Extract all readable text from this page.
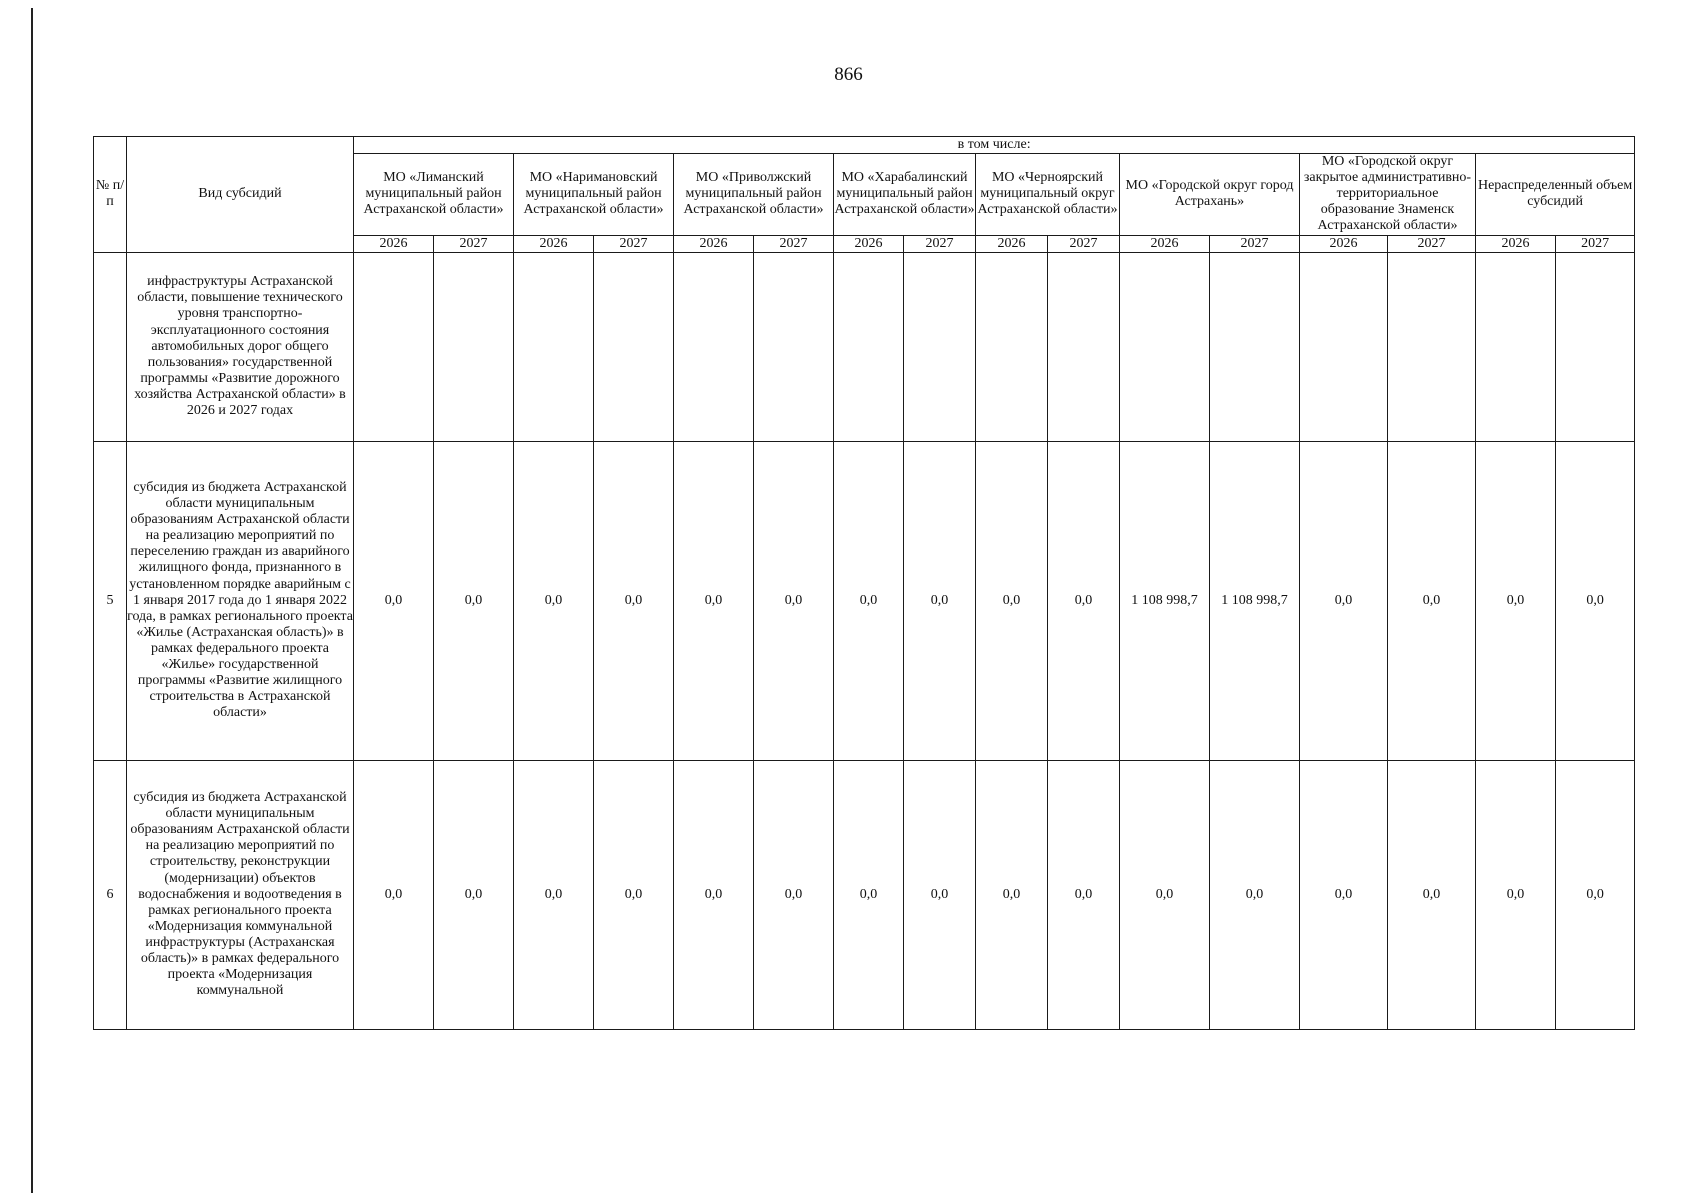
866
№ п/п	Вид субсидий	в том числе:															
		МО «Лиманский муниципальный район Астраханской области»		МО «Наримановский муниципальный район Астраханской области»		МО «Приволжский муниципальный район Астраханской области»		МО «Харабалинский муниципальный район Астраханской области»		МО «Черноярский муниципальный округ Астраханской области»		МО «Городской округ город Астрахань»		МО «Городской округ закрытое административно-территориальное образование Знаменск Астраханской области»		Нераспределенный объем субсидий	
		2026	2027	2026	2027	2026	2027	2026	2027	2026	2027	2026	2027	2026	2027	2026	2027
	инфраструктуры Астраханской области, повышение технического уровня транспортно-эксплуатационного состояния автомобильных дорог общего пользования» государственной программы «Развитие дорожного хозяйства Астраханской области» в 2026 и 2027 годах																
5	субсидия из бюджета Астраханской области муниципальным образованиям Астраханской области на реализацию мероприятий по переселению граждан из аварийного жилищного фонда, признанного в установленном порядке аварийным с 1 января 2017 года до 1 января 2022 года, в рамках регионального проекта «Жилье (Астраханская область)» в рамках федерального проекта «Жилье» государственной программы «Развитие жилищного строительства в Астраханской области»	0,0	0,0	0,0	0,0	0,0	0,0	0,0	0,0	0,0	0,0	1 108 998,7	1 108 998,7	0,0	0,0	0,0	0,0
6	субсидия из бюджета Астраханской области муниципальным образованиям Астраханской области на реализацию мероприятий по строительству, реконструкции (модернизации) объектов водоснабжения и водоотведения в рамках регионального проекта «Модернизация коммунальной инфраструктуры (Астраханская область)» в рамках федерального проекта «Модернизация коммунальной	0,0	0,0	0,0	0,0	0,0	0,0	0,0	0,0	0,0	0,0	0,0	0,0	0,0	0,0	0,0	0,0
